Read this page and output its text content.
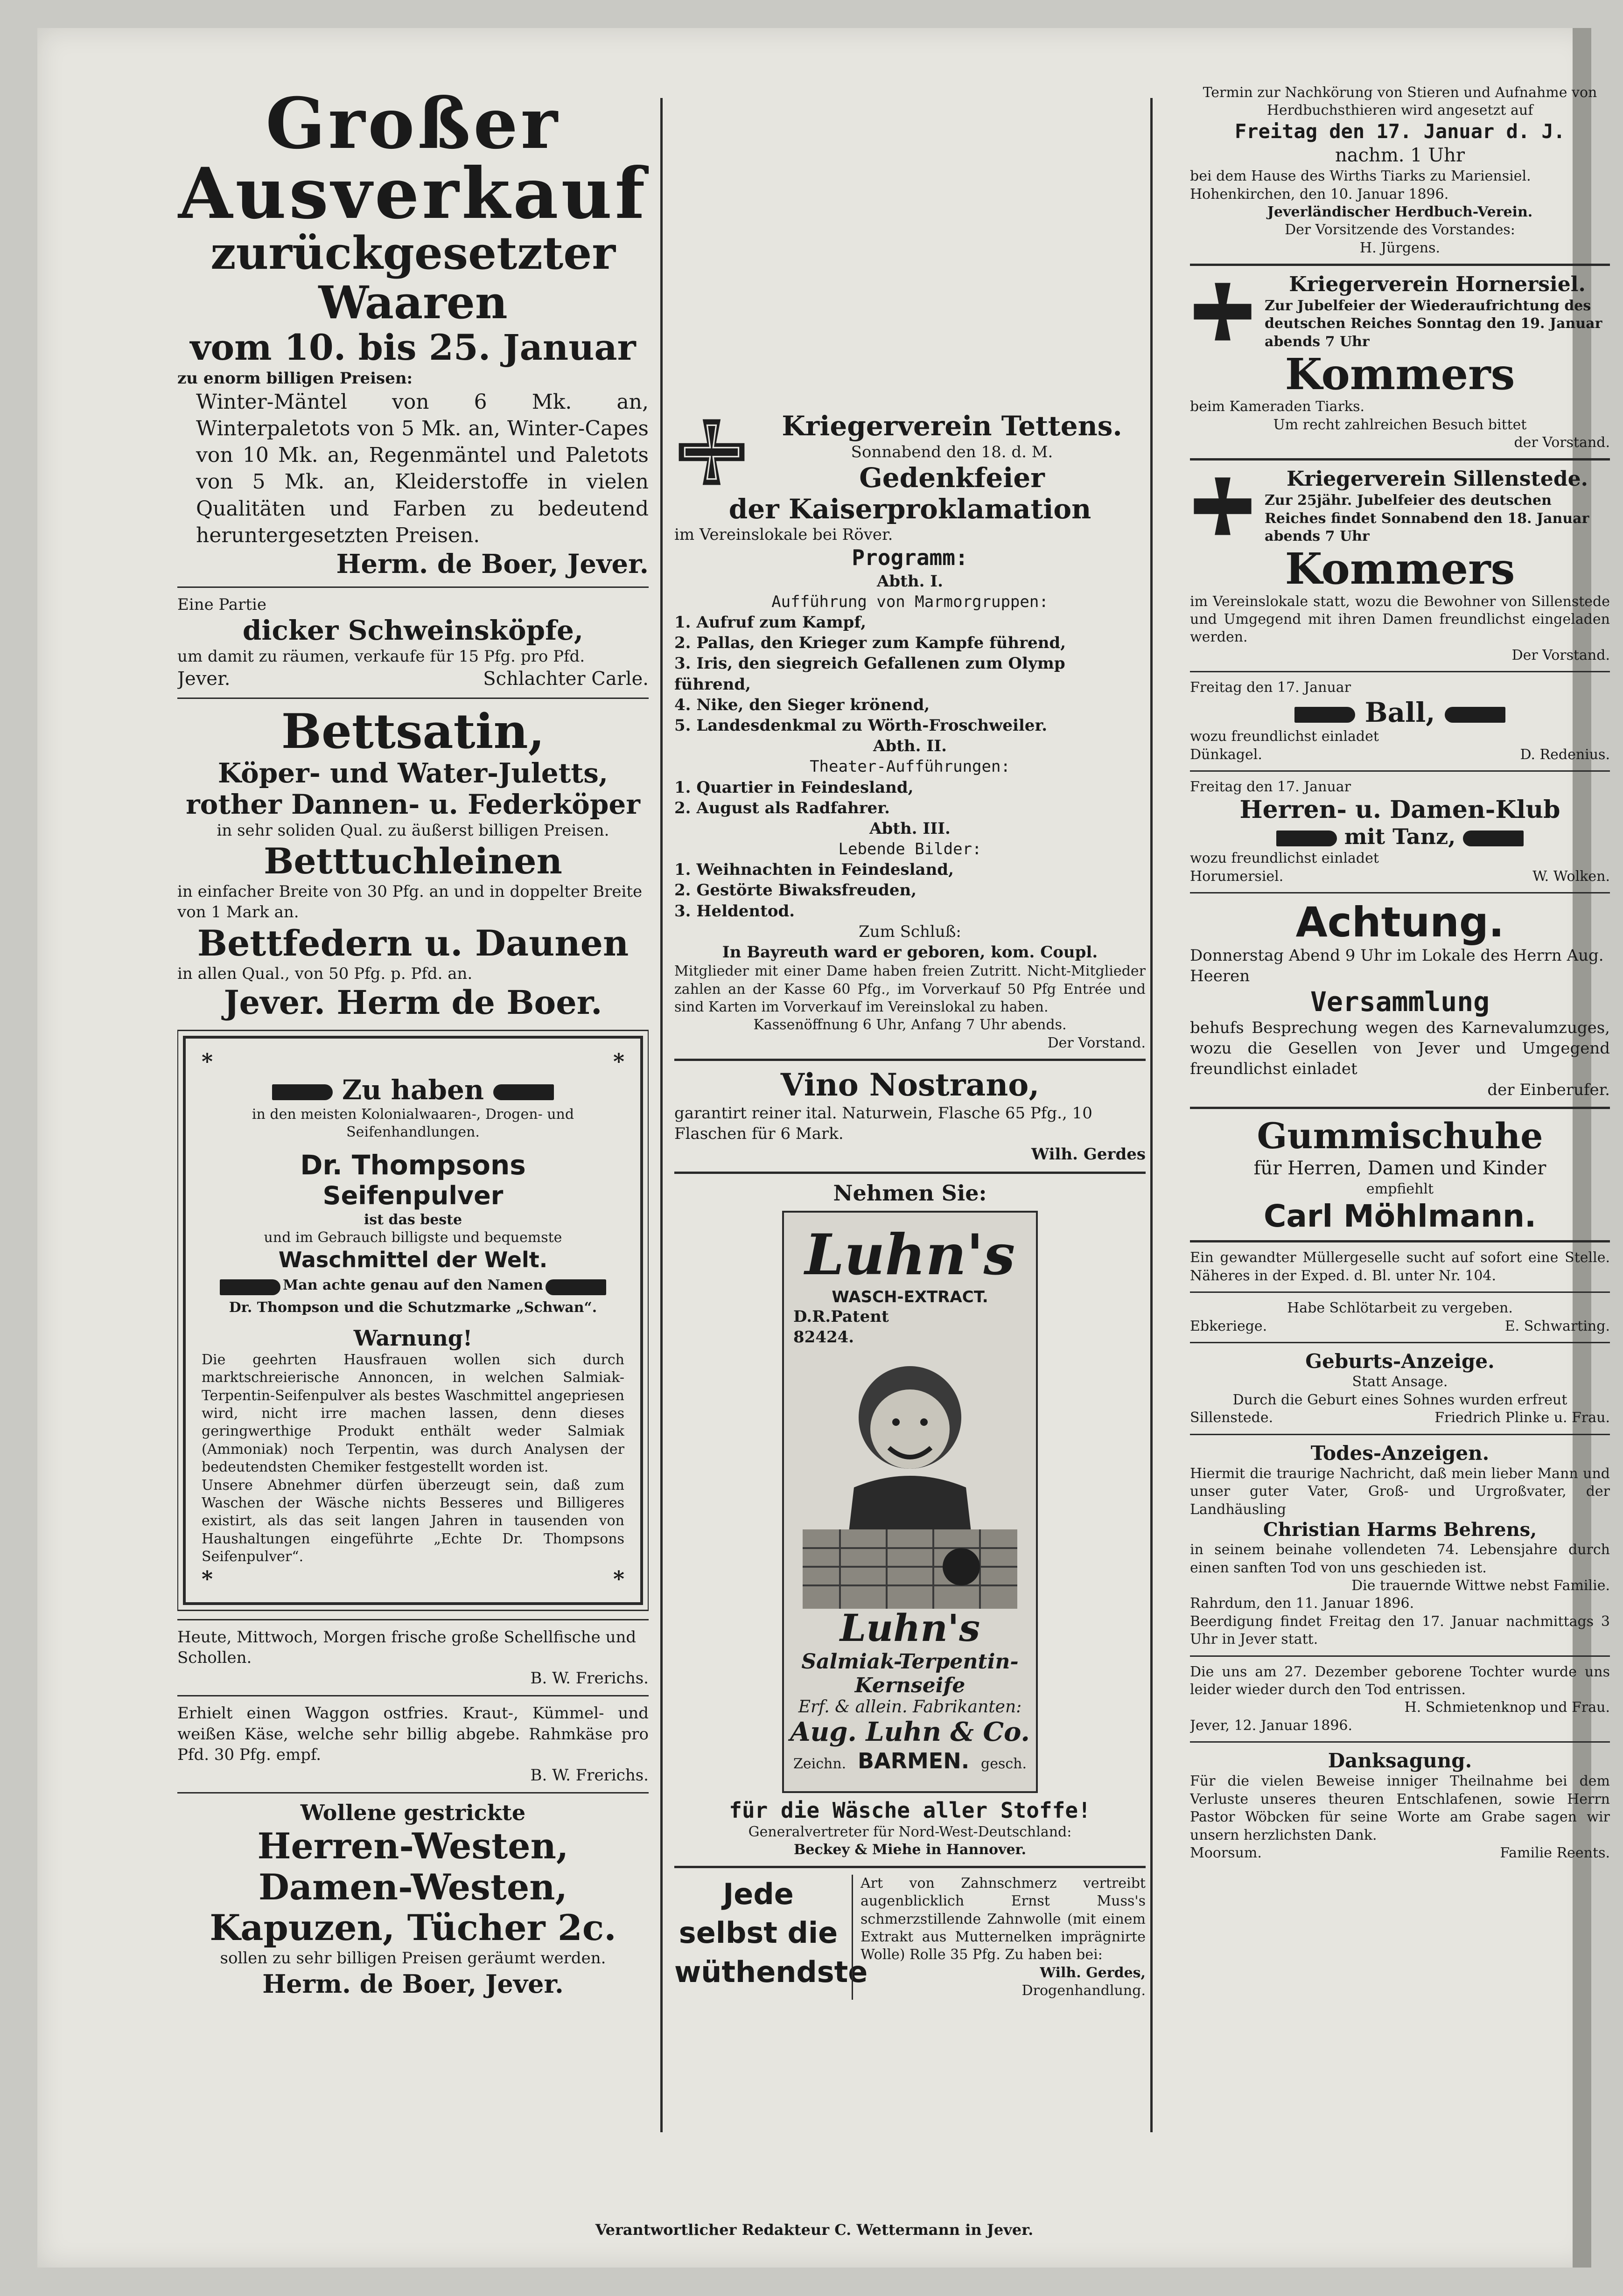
Großer Ausverkauf
zurückgesetzter Waaren
vom 10. bis 25. Januar
zu enorm billigen Preisen:
Winter-Mäntel von 6 Mk. an, Winterpaletots von 5 Mk. an, Winter-Capes von 10 Mk. an, Regenmäntel und Paletots von 5 Mk. an, Kleiderstoffe in vielen Qualitäten und Farben zu bedeutend heruntergesetzten Preisen.
Herm. de Boer, Jever.
Eine Partie
dicker Schweinsköpfe,
um damit zu räumen, verkaufe für 15 Pfg. pro Pfd.
Jever.	Schlachter Carle.
Bettsatin,
Köper- und Water-Juletts,
rother Dannen- u. Federköper
in sehr soliden Qual. zu äußerst billigen Preisen.
Betttuchleinen
in einfacher Breite von 30 Pfg. an und in doppelter Breite von 1 Mark an.
Bettfedern u. Daunen
in allen Qual., von 50 Pfg. p. Pfd. an.
Jever. Herm de Boer.
*	*
Zu haben
in den meisten Kolonialwaaren-, Drogen- und Seifenhandlungen.
Dr. Thompsons
Seifenpulver
ist das beste
und im Gebrauch billigste und bequemste
Waschmittel der Welt.
Man achte genau auf den Namen
Dr. Thompson und die Schutzmarke „Schwan“.
Warnung!
Die geehrten Hausfrauen wollen sich durch marktschreierische Annoncen, in welchen Salmiak-Terpentin-Seifenpulver als bestes Waschmittel angepriesen wird, nicht irre machen lassen, denn dieses geringwerthige Produkt enthält weder Salmiak (Ammoniak) noch Terpentin, was durch Analysen der bedeutendsten Chemiker festgestellt worden ist.
Unsere Abnehmer dürfen überzeugt sein, daß zum Waschen der Wäsche nichts Besseres und Billigeres existirt, als das seit langen Jahren in tausenden von Haushaltungen eingeführte „Echte Dr. Thompsons Seifenpulver“.
*	*
Heute, Mittwoch, Morgen frische große Schellfische und Schollen.
B. W. Frerichs.
Erhielt einen Waggon ostfries. Kraut-, Kümmel- und weißen Käse, welche sehr billig abgebe. Rahmkäse pro Pfd. 30 Pfg. empf.
B. W. Frerichs.
Wollene gestrickte
Herren-Westen,
Damen-Westen,
Kapuzen, Tücher 2c.
sollen zu sehr billigen Preisen geräumt werden.
Herm. de Boer, Jever.
Kriegerverein Tettens.
Sonnabend den 18. d. M.
Gedenkfeier
der Kaiserproklamation
im Vereinslokale bei Röver.
Programm:
Abth. I.
Aufführung von Marmorgruppen:
1. Aufruf zum Kampf,
2. Pallas, den Krieger zum Kampfe führend,
3. Iris, den siegreich Gefallenen zum Olymp führend,
4. Nike, den Sieger krönend,
5. Landesdenkmal zu Wörth-Froschweiler.
Abth. II.
Theater-Aufführungen:
1. Quartier in Feindesland,
2. August als Radfahrer.
Abth. III.
Lebende Bilder:
1. Weihnachten in Feindesland,
2. Gestörte Biwaksfreuden,
3. Heldentod.
Zum Schluß:
In Bayreuth ward er geboren, kom. Coupl.
Mitglieder mit einer Dame haben freien Zutritt. Nicht-Mitglieder zahlen an der Kasse 60 Pfg., im Vorverkauf 50 Pfg Entrée und sind Karten im Vorverkauf im Vereinslokal zu haben.
Kassenöffnung 6 Uhr, Anfang 7 Uhr abends.
Der Vorstand.
Vino Nostrano,
garantirt reiner ital. Naturwein, Flasche 65 Pfg., 10 Flaschen für 6 Mark.
Wilh. Gerdes
Nehmen Sie:
Luhn's
WASCH-EXTRACT.
D.R.Patent 82424.
Luhn's
Salmiak-Terpentin-Kernseife
Erf. & allein. Fabrikanten:
Aug. Luhn & Co.
Zeichn. BARMEN. gesch.
für die Wäsche aller Stoffe!
Generalvertreter für Nord-West-Deutschland:
Beckey & Miehe in Hannover.
Jede selbst die wüthendste
Art von Zahnschmerz vertreibt augenblicklich Ernst Muss's schmerzstillende Zahnwolle (mit einem Extrakt aus Mutternelken imprägnirte Wolle) Rolle 35 Pfg. Zu haben bei:
Wilh. Gerdes,
Drogenhandlung.
Termin zur Nachkörung von Stieren und Aufnahme von Herdbuchsthieren wird angesetzt auf
Freitag den 17. Januar d. J.
nachm. 1 Uhr
bei dem Hause des Wirths Tiarks zu Mariensiel.
Hohenkirchen, den 10. Januar 1896.
Jeverländischer Herdbuch-Verein.
Der Vorsitzende des Vorstandes:
H. Jürgens.
Kriegerverein Hornersiel.
Zur Jubelfeier der Wiederaufrichtung des deutschen Reiches Sonntag den 19. Januar abends 7 Uhr
Kommers
beim Kameraden Tiarks.
Um recht zahlreichen Besuch bittet
der Vorstand.
Kriegerverein Sillenstede.
Zur 25jähr. Jubelfeier des deutschen Reiches findet Sonnabend den 18. Januar abends 7 Uhr
Kommers
im Vereinslokale statt, wozu die Bewohner von Sillenstede und Umgegend mit ihren Damen freundlichst eingeladen werden.
Der Vorstand.
Freitag den 17. Januar
Ball,
wozu freundlichst einladet
Dünkagel.	D. Redenius.
Freitag den 17. Januar
Herren- u. Damen-Klub
mit Tanz,
wozu freundlichst einladet
Horumersiel.	W. Wolken.
Achtung.
Donnerstag Abend 9 Uhr im Lokale des Herrn Aug. Heeren
Versammlung
behufs Besprechung wegen des Karnevalumzuges, wozu die Gesellen von Jever und Umgegend freundlichst einladet
der Einberufer.
Gummischuhe
für Herren, Damen und Kinder
empfiehlt
Carl Möhlmann.
Ein gewandter Müllergeselle sucht auf sofort eine Stelle. Näheres in der Exped. d. Bl. unter Nr. 104.
Habe Schlötarbeit zu vergeben.
Ebkeriege.	E. Schwarting.
Geburts-Anzeige.
Statt Ansage.
Durch die Geburt eines Sohnes wurden erfreut
Sillenstede.	Friedrich Plinke u. Frau.
Todes-Anzeigen.
Hiermit die traurige Nachricht, daß mein lieber Mann und unser guter Vater, Groß- und Urgroßvater, der Landhäusling
Christian Harms Behrens,
in seinem beinahe vollendeten 74. Lebensjahre durch einen sanften Tod von uns geschieden ist.
Die trauernde Wittwe nebst Familie.
Rahrdum, den 11. Januar 1896.
Beerdigung findet Freitag den 17. Januar nachmittags 3 Uhr in Jever statt.
Die uns am 27. Dezember geborene Tochter wurde uns leider wieder durch den Tod entrissen.
H. Schmietenknop und Frau.
Jever, 12. Januar 1896.
Danksagung.
Für die vielen Beweise inniger Theilnahme bei dem Verluste unseres theuren Entschlafenen, sowie Herrn Pastor Wöbcken für seine Worte am Grabe sagen wir unsern herzlichsten Dank.
Moorsum.	Familie Reents.
Verantwortlicher Redakteur C. Wettermann in Jever.
